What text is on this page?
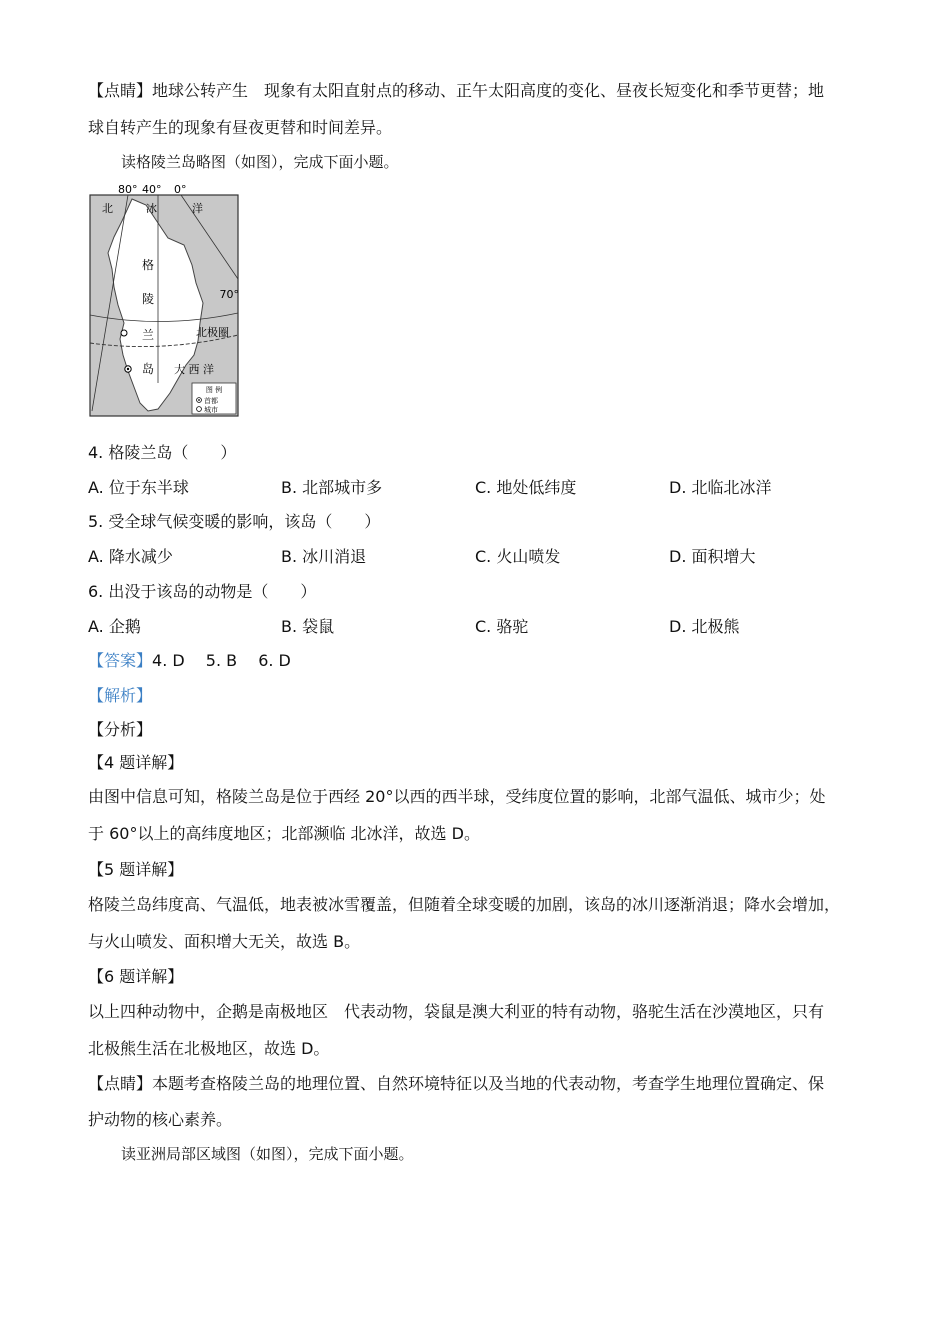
【点睛】地球公转产生　现象有太阳直射点的移动、正午太阳高度的变化、昼夜长短变化和季节更替；地
球自转产生的现象有昼夜更替和时间差异。
读格陵兰岛略图（如图），完成下面小题。
80° 40° 0°
70°
北	冰	洋
格
陵
兰
岛
北极圈
大 西 洋
图 例
首都
城市
4. 格陵兰岛（　　）
A. 位于东半球	B. 北部城市多	C. 地处低纬度	D. 北临北冰洋
5. 受全球气候变暖的影响，该岛（　　）
A. 降水减少	B. 冰川消退	C. 火山喷发	D. 面积增大
6. 出没于该岛的动物是（　　）
A. 企鹅	B. 袋鼠	C. 骆驼	D. 北极熊
【答案】4. D　 5. B　 6. D
【解析】
【分析】
【4 题详解】
由图中信息可知，格陵兰岛是位于西经 20°以西的西半球，受纬度位置的影响，北部气温低、城市少；处
于 60°以上的高纬度地区；北部濒临 北冰洋，故选 D。
【5 题详解】
格陵兰岛纬度高、气温低，地表被冰雪覆盖，但随着全球变暖的加剧，该岛的冰川逐渐消退；降水会增加，
与火山喷发、面积增大无关，故选 B。
【6 题详解】
以上四种动物中，企鹅是南极地区　代表动物，袋鼠是澳大利亚的特有动物，骆驼生活在沙漠地区，只有
北极熊生活在北极地区，故选 D。
【点睛】本题考查格陵兰岛的地理位置、自然环境特征以及当地的代表动物，考查学生地理位置确定、保
护动物的核心素养。
读亚洲局部区域图（如图），完成下面小题。
